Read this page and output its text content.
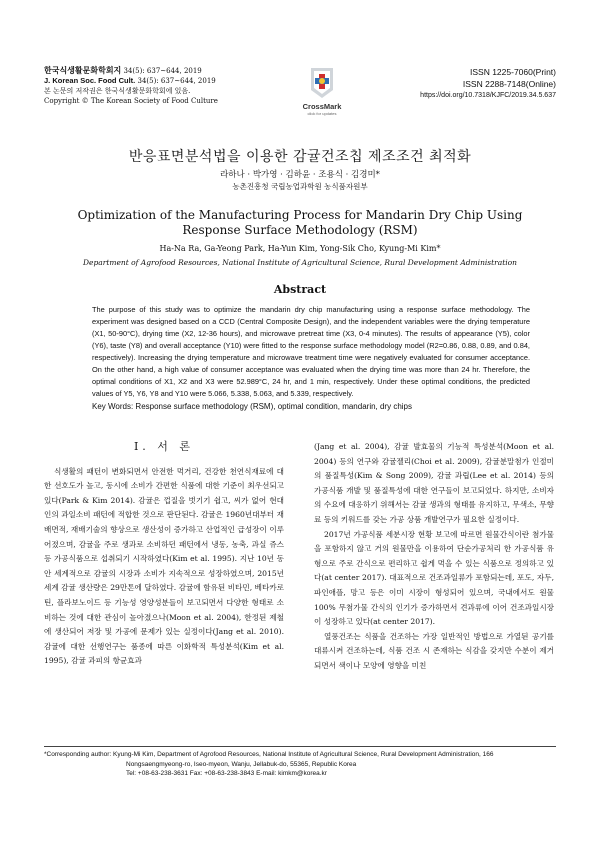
한국식생활문화학회지 34(5): 637~644, 2019
J. Korean Soc. Food Cult. 34(5): 637~644, 2019
본 논문의 저작권은 한국식생활문화학회에 있음.
Copyright © The Korean Society of Food Culture
CrossMark
click for updates
ISSN 1225-7060(Print)
ISSN 2288-7148(Online)
https://doi.org/10.7318/KJFC/2019.34.5.637
반응표면분석법을 이용한 감귤건조칩 제조조건 최적화
라하나 · 박가영 · 김하윤 · 조용식 · 김경미*
농촌진흥청 국립농업과학원 농식품자원부
Optimization of the Manufacturing Process for Mandarin Dry Chip Using
Response Surface Methodology (RSM)
Ha-Na Ra, Ga-Yeong Park, Ha-Yun Kim, Yong-Sik Cho, Kyung-Mi Kim*
Department of Agrofood Resources, National Institute of Agricultural Science, Rural Development Administration
Abstract
The purpose of this study was to optimize the mandarin dry chip manufacturing using a response surface methodology. The experiment was designed based on a CCD (Central Composite Design), and the independent variables were the drying temperature (X1, 50-90°C), drying time (X2, 12-36 hours), and microwave pretreat time (X3, 0-4 minutes). The results of appearance (Y5), color (Y6), taste (Y8) and overall acceptance (Y10) were fitted to the response surface methodology model (R2=0.86, 0.88, 0.89, and 0.84, respectively). Increasing the drying temperature and microwave treatment time were negatively evaluated for consumer acceptance. On the other hand, a high value of consumer acceptance was evaluated when the drying time was more than 24 hr. Therefore, the optimal conditions of X1, X2 and X3 were 52.989°C, 24 hr, and 1 min, respectively. Under these optimal conditions, the predicted values of Y5, Y6, Y8 and Y10 were 5.066, 5.338, 5.063, and 5.339, respectively.
Key Words: Response surface methodology (RSM), optimal condition, mandarin, dry chips
I. 서 론

식생활의 패턴이 변화되면서 안전한 먹거리, 건강한 천연식재료에 대한 선호도가 높고, 동시에 소비가 간편한 식품에 대한 기준이 최우선되고 있다(Park & Kim 2014). 감귤은 껍질을 벗기기 쉽고, 씨가 없어 현대인의 과일소비 패턴에 적합한 것으로 판단된다. 감귤은 1960년대부터 재배면적, 재배기술의 향상으로 생산성이 증가하고 산업적인 급성장이 이루어졌으며, 감귤을 주로 생과로 소비하던 패턴에서 냉동, 농축, 과실 쥬스 등 가공식품으로 섭취되기 시작하였다(Kim et al. 1995). 지난 10년 동안 세계적으로 감귤의 시장과 소비가 지속적으로 성장하였으며, 2015년 세계 감귤 생산량은 29만톤에 달하였다. 감귤에 함유된 비타민, 베타카로틴, 플라보노이드 등 기능성 영양성분들이 보고되면서 다양한 형태로 소비하는 것에 대한 관심이 높아졌으나(Moon et al. 2004), 한정된 제철에 생산되어 저장 및 가공에 문제가 있는 실정이다(Jang et al. 2010). 감귤에 대한 선행연구는 품종에 따른 이화학적 특성분석(Kim et al. 1995), 감귤 과피의 항균효과

(Jang et al. 2004), 감귤 발효물의 기능적 특성분석(Moon et al. 2004) 등의 연구와 감귤젤리(Choi et al. 2009), 감귤분말첨가 인절미의 품질특성(Kim & Song 2009), 감귤 과립(Lee et al. 2014) 등의 가공식품 개발 및 품질특성에 대한 연구들이 보고되었다. 하지만, 소비자의 수요에 대응하기 위해서는 감귤 생과의 형태를 유지하고, 무색소, 무향료 등의 키워드를 갖는 가공 상품 개발연구가 필요한 실정이다.

2017년 가공식품 세분시장 현황 보고에 따르면 원물간식이란 첨가물을 포함하지 않고 거의 원물만을 이용하여 단순가공처리 한 가공식품 유형으로 주로 간식으로 편리하고 쉽게 먹을 수 있는 식품으로 정의하고 있다(at center 2017). 대표적으로 건조과일류가 포함되는데, 포도, 자두, 파인애플, 망고 등은 이미 시장이 형성되어 있으며, 국내에서도 원물 100% 무첨가물 간식의 인기가 증가하면서 견과류에 이어 건조과일시장이 성장하고 있다(at center 2017).

열풍건조는 식품을 건조하는 가장 일반적인 방법으로 가열된 공기를 대류시켜 건조하는데, 식품 건조 시 존재하는 식감을 갖지만 수분이 제거되면서 색이나 모양에 영향을 미친

*Corresponding author: Kyung-Mi Kim, Department of Agrofood Resources, National Institute of Agricultural Science, Rural Development Administration, 166
Nongsaengmyeong-ro, Iseo-myeon, Wanju, Jellabuk-do, 55365, Republic Korea
Tel: +08-63-238-3631 Fax: +08-63-238-3843 E-mail: kimkm@korea.kr
